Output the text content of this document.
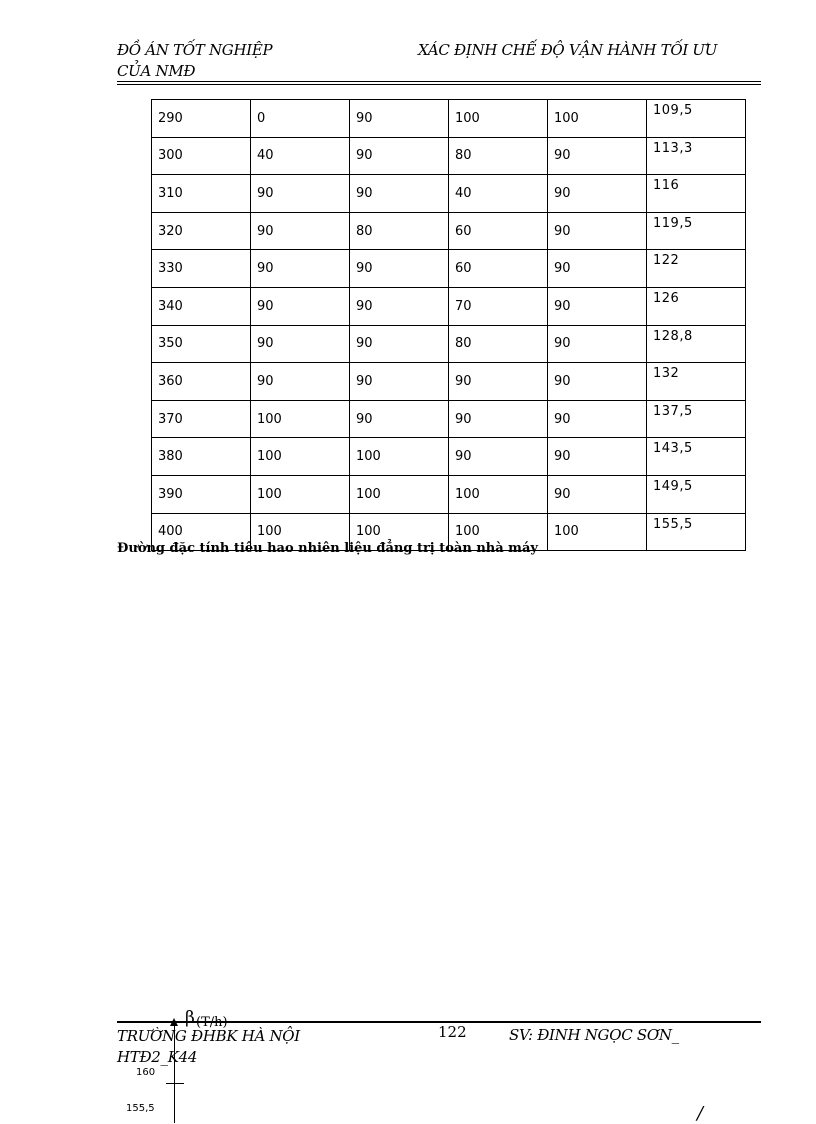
ĐỒ ÁN TỐT NGHIỆP
CỦA NMĐ
XÁC ĐỊNH CHẾ ĐỘ VẬN HÀNH TỐI ƯU
290	0	90	100	100	109,5
300	40	90	80	90	113,3
310	90	90	40	90	116
320	90	80	60	90	119,5
330	90	90	60	90	122
340	90	90	70	90	126
350	90	90	80	90	128,8
360	90	90	90	90	132
370	100	90	90	90	137,5
380	100	100	90	90	143,5
390	100	100	100	90	149,5
400	100	100	100	100	155,5
Đường đặc tính tiêu hao nhiên liệu đẳng trị toàn nhà máy
β (T/h)
160
155,5	/
TRƯỜNG ĐHBK HÀ NỘI
HTĐ2_K44
122	SV: ĐINH NGỌC SƠN_
